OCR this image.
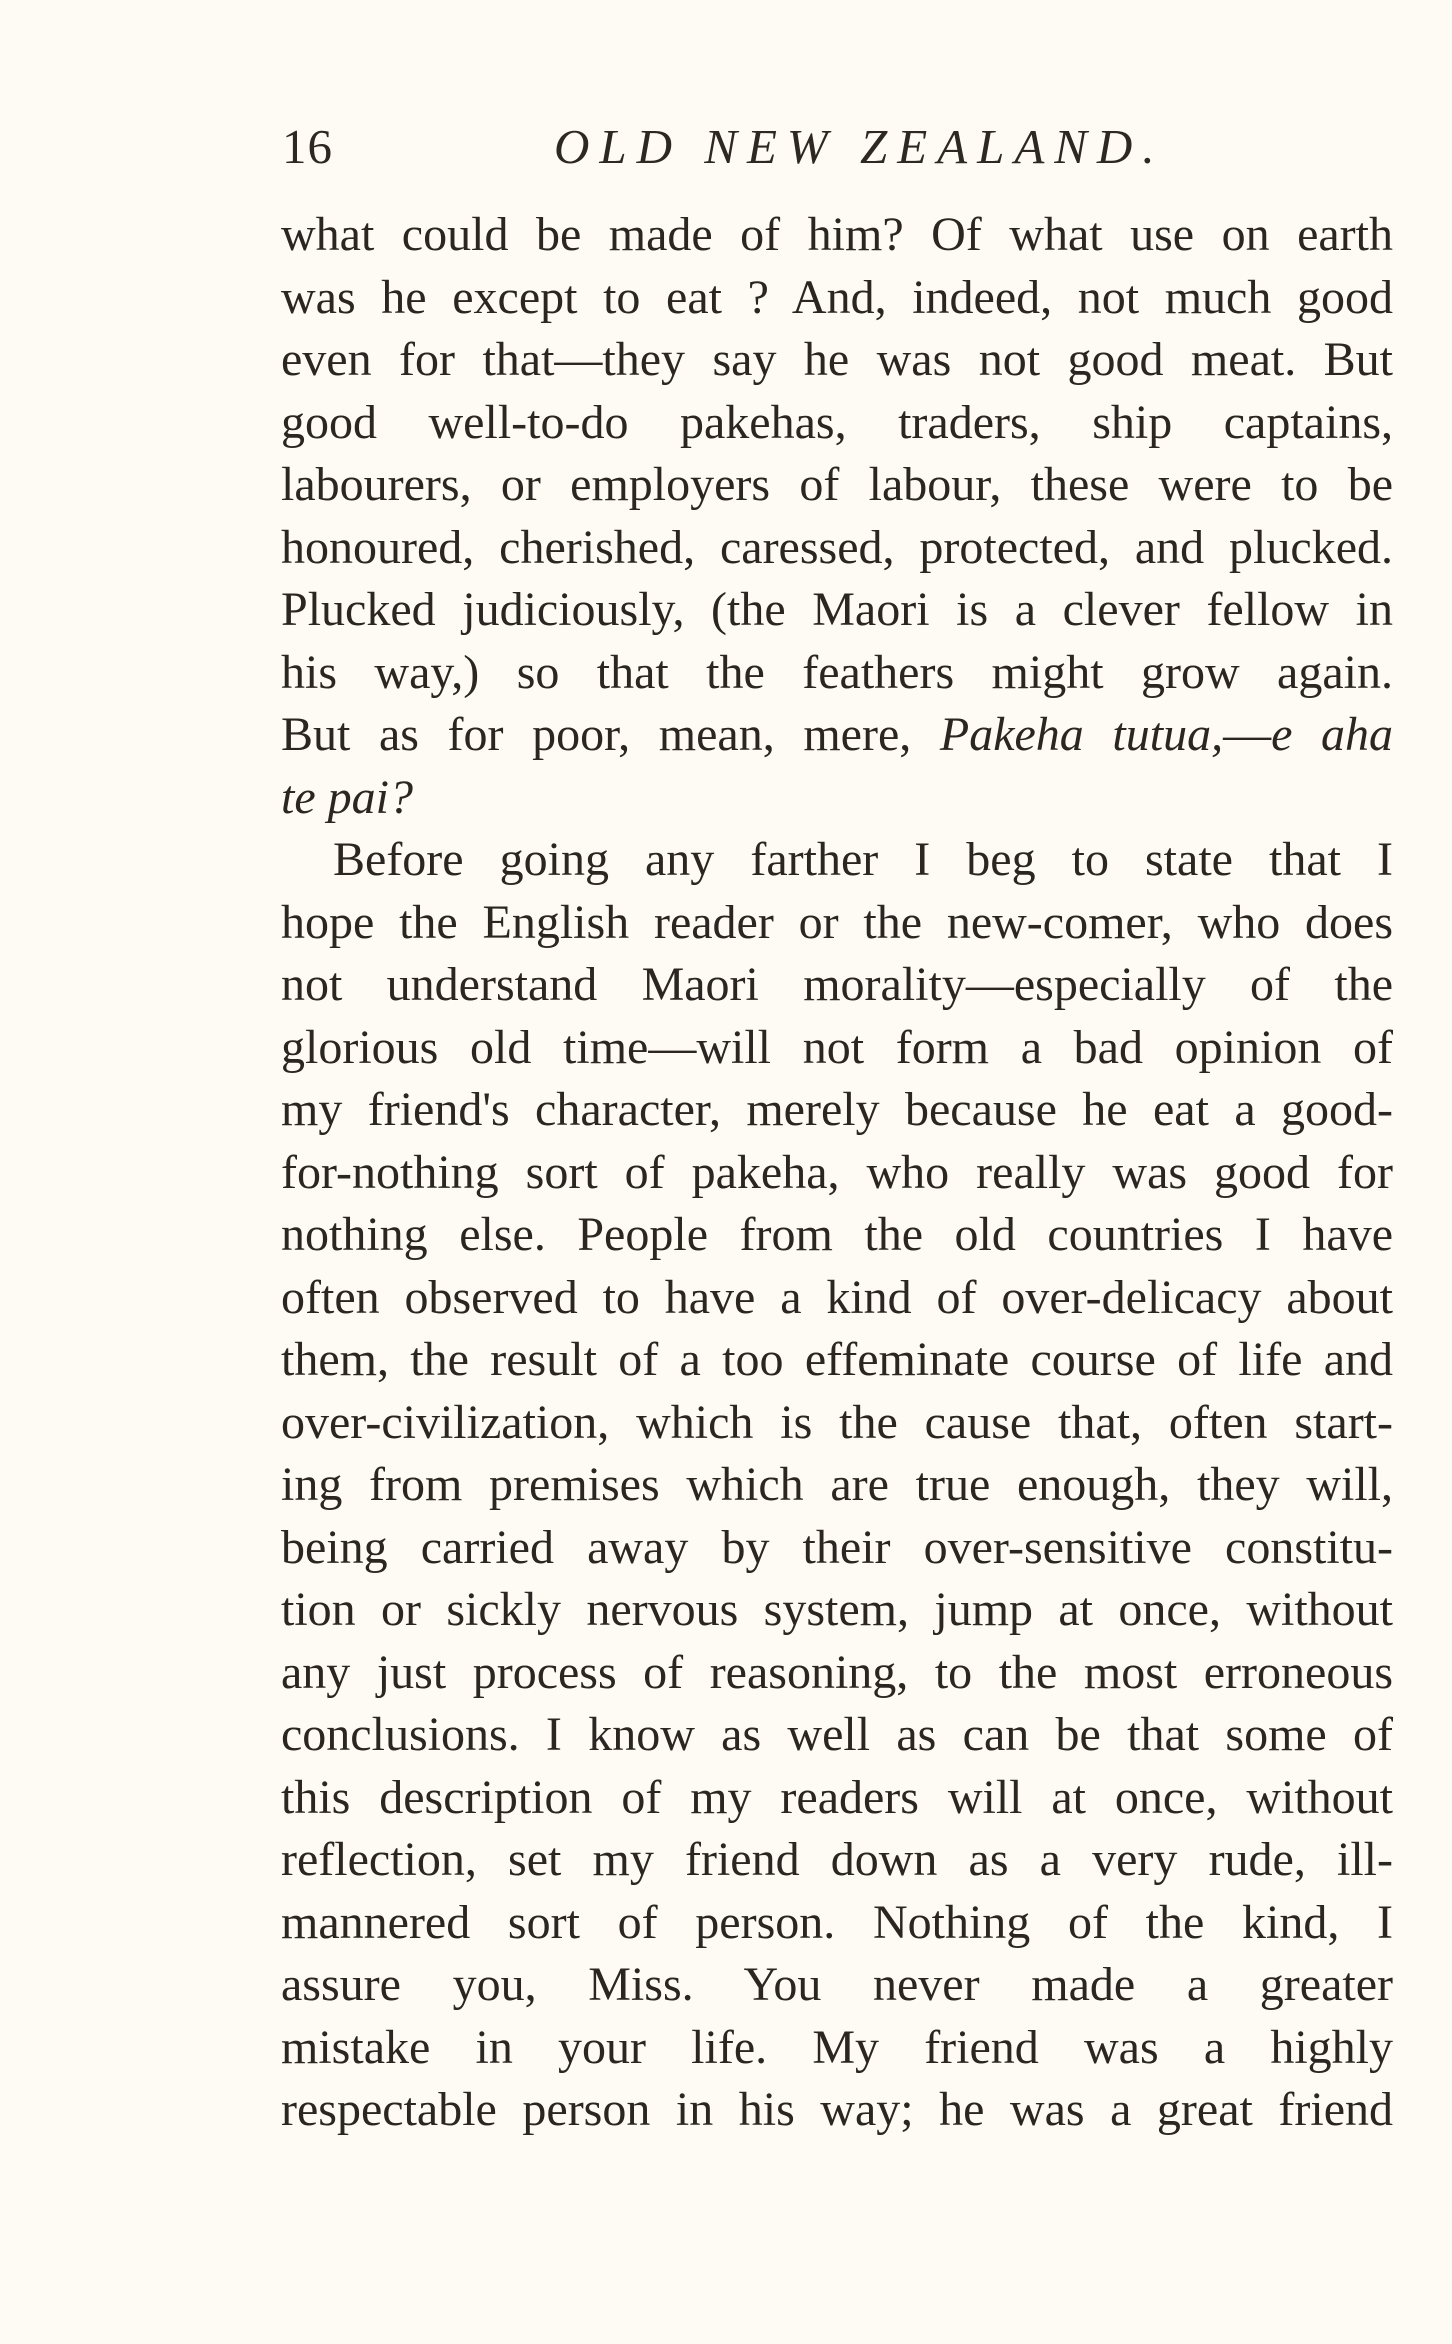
16	OLD NEW ZEALAND.
what could be made of him? Of what use on earth
was he except to eat ? And, indeed, not much good
even for that—they say he was not good meat. But
good well-to-do pakehas, traders, ship captains,
labourers, or employers of labour, these were to be
honoured, cherished, caressed, protected, and plucked.
Plucked judiciously, (the Maori is a clever fellow in
his way,) so that the feathers might grow again.
But as for poor, mean, mere, Pakeha tutua,—e aha
te pai?
Before going any farther I beg to state that I
hope the English reader or the new-comer, who does
not understand Maori morality—especially of the
glorious old time—will not form a bad opinion of
my friend's character, merely because he eat a good-
for-nothing sort of pakeha, who really was good for
nothing else. People from the old countries I have
often observed to have a kind of over-delicacy about
them, the result of a too effeminate course of life and
over-civilization, which is the cause that, often start-
ing from premises which are true enough, they will,
being carried away by their over-sensitive constitu-
tion or sickly nervous system, jump at once, without
any just process of reasoning, to the most erroneous
conclusions. I know as well as can be that some of
this description of my readers will at once, without
reflection, set my friend down as a very rude, ill-
mannered sort of person. Nothing of the kind, I
assure you, Miss. You never made a greater
mistake in your life. My friend was a highly
respectable person in his way; he was a great friend
